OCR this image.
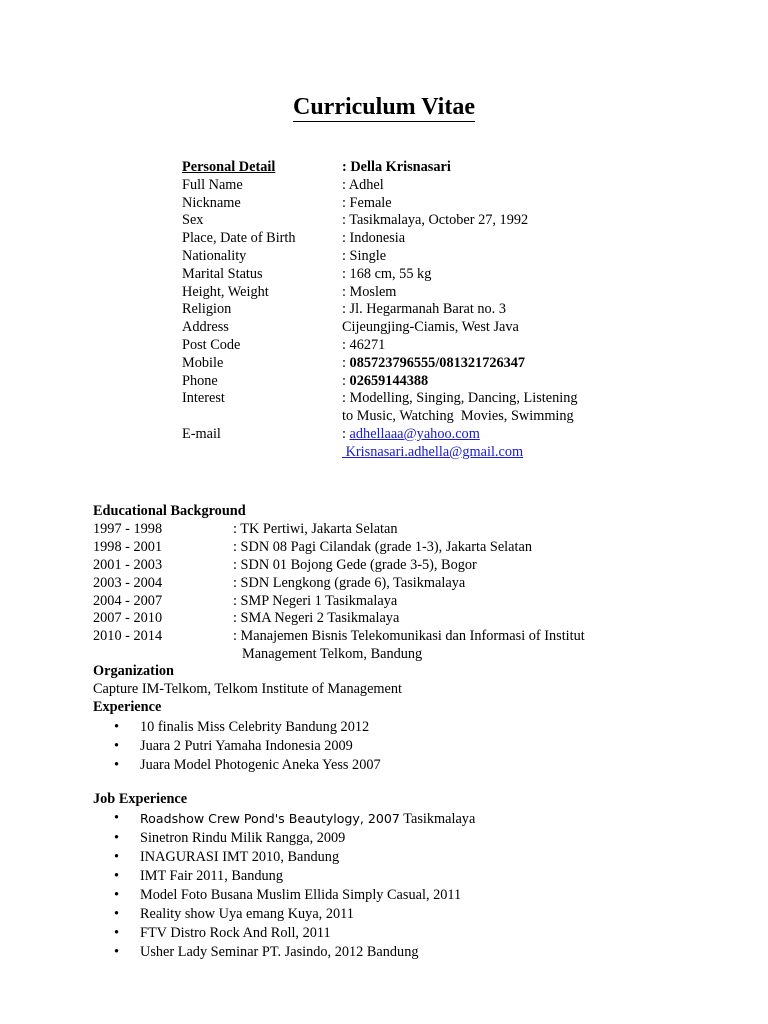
Curriculum Vitae
Personal Detail	: Della Krisnasari
Full Name	: Adhel
Nickname	: Female
Sex	: Tasikmalaya, October 27, 1992
Place, Date of Birth	: Indonesia
Nationality	: Single
Marital Status	: 168 cm, 55 kg
Height, Weight	: Moslem
Religion	: Jl. Hegarmanah Barat no. 3
Address	Cijeungjing-Ciamis, West Java
Post Code	: 46271
Mobile	: 085723796555/081321726347
Phone	: 02659144388
Interest	: Modelling, Singing, Dancing, Listening
to Music, Watching  Movies, Swimming
E-mail	: adhellaaa@yahoo.com
Krisnasari.adhella@gmail.com
Educational Background
1997 - 1998	: TK Pertiwi, Jakarta Selatan
1998 - 2001	: SDN 08 Pagi Cilandak (grade 1-3), Jakarta Selatan
2001 - 2003	: SDN 01 Bojong Gede (grade 3-5), Bogor
2003 - 2004	: SDN Lengkong (grade 6), Tasikmalaya
2004 - 2007	: SMP Negeri 1 Tasikmalaya
2007 - 2010	: SMA Negeri 2 Tasikmalaya
2010 - 2014	: Manajemen Bisnis Telekomunikasi dan Informasi of Institut
Management Telkom, Bandung
Organization
Capture IM-Telkom, Telkom Institute of Management
Experience
• 10 finalis Miss Celebrity Bandung 2012
• Juara 2 Putri Yamaha Indonesia 2009
• Juara Model Photogenic Aneka Yess 2007
Job Experience
• Roadshow Crew Pond's Beautylogy, 2007 Tasikmalaya
• Sinetron Rindu Milik Rangga, 2009
• INAGURASI IMT 2010, Bandung
• IMT Fair 2011, Bandung
• Model Foto Busana Muslim Ellida Simply Casual, 2011
• Reality show Uya emang Kuya, 2011
• FTV Distro Rock And Roll, 2011
• Usher Lady Seminar PT. Jasindo, 2012 Bandung
